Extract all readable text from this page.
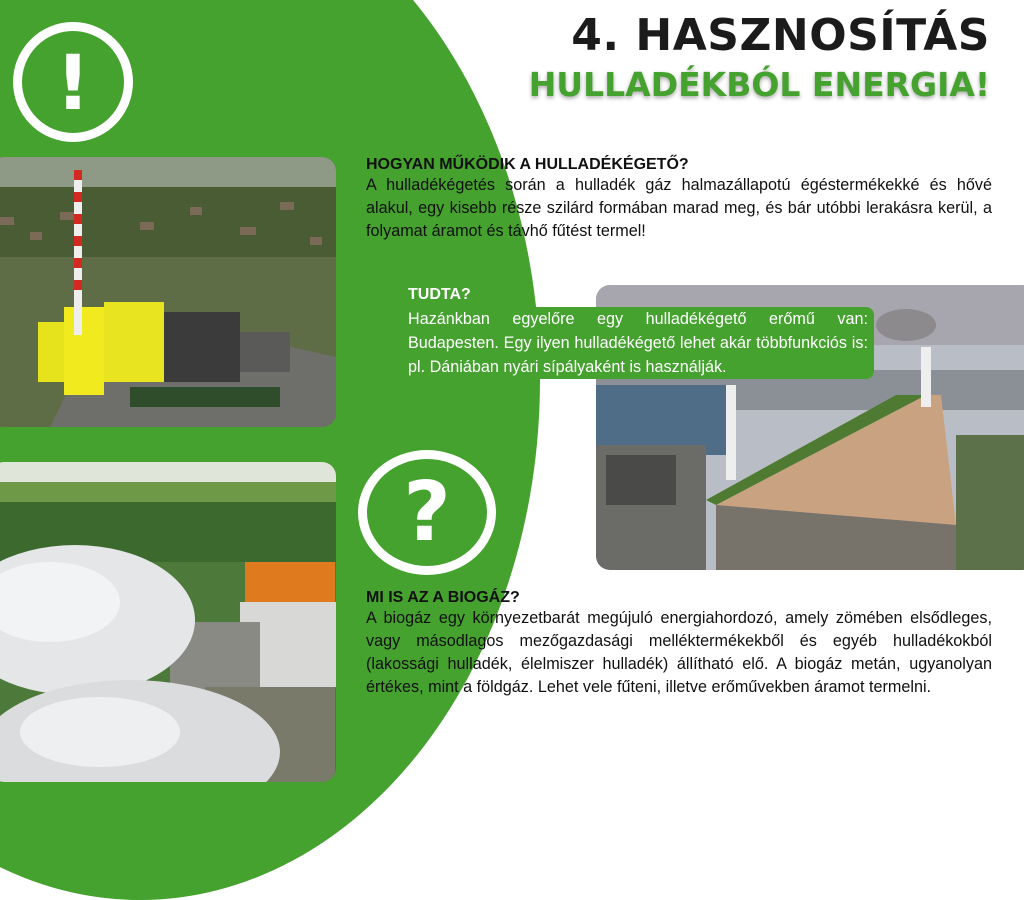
!
4. HASZNOSÍTÁS
HULLADÉKBÓL ENERGIA!
HOGYAN MŰKÖDIK A HULLADÉKÉGETŐ?
A hulladékégetés során a hulladék gáz halmazállapotú égéstermékekké és hővé alakul, egy kisebb része szilárd formában marad meg, és bár utóbbi lerakásra kerül, a folyamat áramot és távhő fűtést termel!
TUDTA?
Hazánkban egyelőre egy hulladékégető erőmű van: Budapesten. Egy ilyen hulladékégető lehet akár többfunkciós is: pl. Dániában nyári sípályaként is használják.
?
MI IS AZ A BIOGÁZ?
A biogáz egy környezetbarát megújuló energiahordozó, amely zömében elsődleges, vagy másodlagos mezőgazdasági melléktermékekből és egyéb hulladékokból (lakossági hulladék, élelmiszer hulladék) állítható elő. A biogáz metán, ugyanolyan értékes, mint a földgáz. Lehet vele fűteni, illetve erőművekben áramot termelni.
